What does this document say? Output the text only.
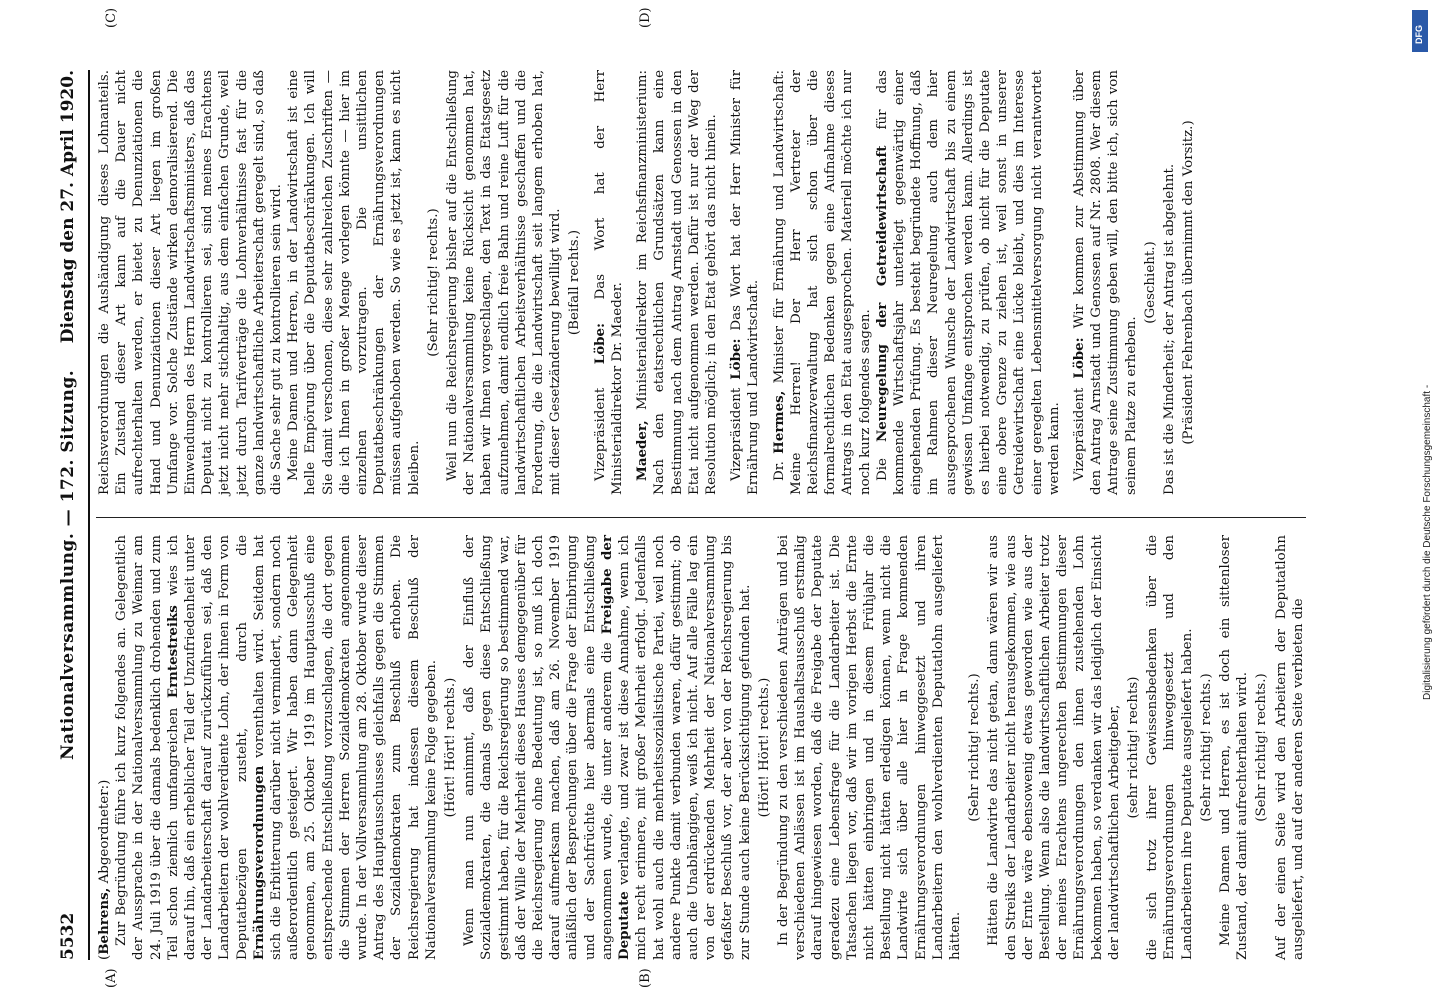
5532
Nationalversammlung. — 172. Sitzung.
Dienstag den 27. April 1920.
(A)	(B)
(C)	(D)

(Behrens, Abgeordneter:) Zur Begründung führe ich kurz folgendes an. Gelegentlich der Aussprache in der Nationalversammlung zu Weimar am 24. Juli 1919 über die damals bedenklich drohenden und zum Teil schon ziemlich umfangreichen Erntestreiks wies ich darauf hin, daß ein erheblicher Teil der Unzufriedenheit unter der Landarbeiterschaft darauf zurückzuführen sei, daß den Landarbeitern der wohlverdiente Lohn, der ihnen in Form von Deputatbezügen zusteht, durch die Ernährungsverordnungen vorenthalten wird. Seitdem hat sich die Erbitterung darüber nicht vermindert, sondern noch außerordentlich gesteigert. Wir haben dann Gelegenheit genommen, am 25. Oktober 1919 im Hauptausschuß eine entsprechende Entschließung vorzuschlagen, die dort gegen die Stimmen der Herren Sozialdemokraten angenommen wurde. In der Vollversammlung am 28. Oktober wurde dieser Antrag des Hauptausschusses gleichfalls gegen die Stimmen der Sozialdemokraten zum Beschluß erhoben. Die Reichsregierung hat indessen diesem Beschluß der Nationalversammlung keine Folge gegeben. (Hört! Hört! rechts.) Wenn man nun annimmt, daß der Einfluß der Sozialdemokraten, die damals gegen diese Entschließung gestimmt haben, für die Reichsregierung so bestimmend war, daß der Wille der Mehrheit dieses Hauses demgegenüber für die Reichsregierung ohne Bedeutung ist, so muß ich doch darauf aufmerksam machen, daß am 26. November 1919 anläßlich der Besprechungen über die Frage der Einbringung und der Sachfrüchte hier abermals eine Entschließung angenommen wurde, die unter anderem die Freigabe der Deputate verlangte, und zwar ist diese Annahme, wenn ich mich recht erinnere, mit großer Mehrheit erfolgt. Jedenfalls hat wohl auch die mehrheitssozialistische Partei, weil noch andere Punkte damit verbunden waren, dafür gestimmt; ob auch die Unabhängigen, weiß ich nicht. Auf alle Fälle lag ein von der erdrückenden Mehrheit der Nationalversammlung gefaßter Beschluß vor, der aber von der Reichsregierung bis zur Stunde auch keine Berücksichtigung gefunden hat. (Hört! Hört! rechts.) In der Begründung zu den verschiedenen Anträgen und bei verschiedenen Anlässen ist im Haushaltsausschuß erstmalig darauf hingewiesen worden, daß die Freigabe der Deputate geradezu eine Lebensfrage für die Landarbeiter ist. Die Tatsachen liegen vor, daß wir im vorigen Herbst die Ernte nicht hätten einbringen und in diesem Frühjahr die Bestellung nicht hätten erledigen können, wenn nicht die Landwirte sich über alle hier in Frage kommenden Ernährungsverordnungen hinweggesetzt und ihren Landarbeitern den wohlverdienten Deputatlohn ausgeliefert hätten.

(Sehr richtig! rechts.) Hätten die Landwirte das nicht getan, dann wären wir aus den Streiks der Landarbeiter nicht herausgekommen, wie aus der Ernte wäre ebensowenig etwas geworden wie aus der Bestellung. Wenn also die landwirtschaftlichen Arbeiter trotz der meines Erachtens ungerechten Bestimmungen dieser Ernährungsverordnungen den ihnen zustehenden Lohn bekommen haben, so verdanken wir das lediglich der Einsicht der landwirtschaftlichen Arbeitgeber, (sehr richtig! rechts) die sich trotz ihrer Gewissensbedenken über die Ernährungsverordnungen hinweggesetzt und den Landarbeitern ihre Deputate ausgeliefert haben. (Sehr richtig! rechts.) Meine Damen und Herren, es ist doch ein sittenloser Zustand, der damit aufrechterhalten wird. (Sehr richtig! rechts.) Auf der einen Seite wird den Arbeitern der Deputatlohn ausgeliefert, und auf der anderen Seite verbieten die

Reichsverordnungen die Aushändigung dieses Lohnanteils. Ein Zustand dieser Art kann auf die Dauer nicht aufrechterhalten werden, er bietet zu Denunziationen die Hand und Denunziationen dieser Art liegen im großen Umfange vor. Solche Zustände wirken demoralisierend. Die Einwendungen des Herrn Landwirtschaftsministers, daß das Deputat nicht zu kontrollieren sei, sind meines Erachtens jetzt nicht mehr stichhaltig, aus dem einfachen Grunde, weil jetzt durch Tarifverträge die Lohnverhältnisse fast für die ganze landwirtschaftliche Arbeiterschaft geregelt sind, so daß die Sache sehr gut zu kontrollieren sein wird. Meine Damen und Herren, in der Landwirtschaft ist eine helle Empörung über die Deputatbeschränkungen. Ich will Sie damit verschonen, diese sehr zahlreichen Zuschriften — die ich Ihnen in großer Menge vorlegen könnte — hier im einzelnen vorzutragen. Die unsittlichen Deputatbeschränkungen der Ernährungsverordnungen müssen aufgehoben werden. So wie es jetzt ist, kann es nicht bleiben.

(Sehr richtig! rechts.) Weil nun die Reichsregierung bisher auf die Entschließung der Nationalversammlung keine Rücksicht genommen hat, haben wir Ihnen vorgeschlagen, den Text in das Etatsgesetz aufzunehmen, damit endlich freie Bahn und reine Luft für die landwirtschaftlichen Arbeitsverhältnisse geschaffen und die Forderung, die die Landwirtschaft seit langem erhoben hat, mit dieser Gesetzänderung bewilligt wird. (Beifall rechts.)

Vizepräsident Löbe: Das Wort hat der Herr Ministerialdirektor Dr. Maeder. Maeder, Ministerialdirektor im Reichsfinanzministerium: Nach den etatsrechtlichen Grundsätzen kann eine Bestimmung nach dem Antrag Arnstadt und Genossen in den Etat nicht aufgenommen werden. Dafür ist nur der Weg der Resolution möglich; in den Etat gehört das nicht hinein. Vizepräsident Löbe: Das Wort hat der Herr Minister für Ernährung und Landwirtschaft. Dr. Hermes, Minister für Ernährung und Landwirtschaft: Meine Herren! Der Herr Vertreter der Reichsfinanzverwaltung hat sich schon über die formalrechtlichen Bedenken gegen eine Aufnahme dieses Antrags in den Etat ausgesprochen. Materiell möchte ich nur noch kurz folgendes sagen. Die Neuregelung der Getreidewirtschaft für das kommende Wirtschaftsjahr unterliegt gegenwärtig einer eingehenden Prüfung. Es besteht begründete Hoffnung, daß im Rahmen dieser Neuregelung auch dem hier ausgesprochenen Wunsche der Landwirtschaft bis zu einem gewissen Umfange entsprochen werden kann. Allerdings ist es hierbei notwendig, zu prüfen, ob nicht für die Deputate eine obere Grenze zu ziehen ist, weil sonst in unserer Getreidewirtschaft eine Lücke bleibt, und dies im Interesse einer geregelten Lebensmittelversorgung nicht verantwortet werden kann. Vizepräsident Löbe: Wir kommen zur Abstimmung über den Antrag Arnstadt und Genossen auf Nr. 2808. Wer diesem Antrage seine Zustimmung geben will, den bitte ich, sich von seinem Platze zu erheben.

(Geschieht.) Das ist die Minderheit; der Antrag ist abgelehnt. (Präsident Fehrenbach übernimmt den Vorsitz.)

Digitalisierung gefördert durch die Deutsche Forschungsgemeinschaft -
DFG
